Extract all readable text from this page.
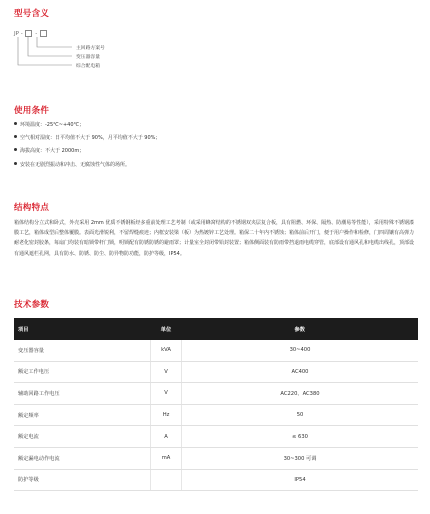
型号含义
JP - -
主回路方案号
变压器容量
综合配电箱
使用条件
环境温度：-25℃~+40℃；
空气相对湿度：日平均值不大于 90%，月平均值不大于 90%；
海拔高度：不大于 2000m；
安装在无剧烈振动和冲击、无腐蚀性气体的场所。
结构特点

箱体结构分立式和卧式，外壳采用 2mm 优质不锈钢板经多重前处理工艺考制（或采用蜂窝结构的不锈钢双夹层复合板，具有阻燃、环保、隔热、防潮易等性能），采用特殊不锈钢漆膜工艺，箱体成型后整体覆膜。表面光滑锐利，不留焊缝痕迹；内框安装梁（板）为热镀锌工艺处理。箱保二十年内不锈蚀；箱体前后开门，便于用户操作和检修，门四周镶有高弹力耐老化密封胶条，每扇门均装有暗锁带杆门锁，明锁配有防锈防锈的避雨罩；计量室全封闭带铅封装置；箱体侧面装有防雨带挡退雨电缆穿管，底部设有通风孔和电缆出线孔，顶部设有通风遮栏孔网，具有防水、防锈、防尘、防异物防功能，防护等级，IP54。

技术参数
项目	单位	参数
变压器容量	kVA	30~400
额定工作电压	V	AC400
辅助回路工作电压	V	AC220、AC380
额定频率	Hz	50
额定电流	A	≤ 630
额定漏电动作电流	mA	30~300 可调
防护等级		IP54
